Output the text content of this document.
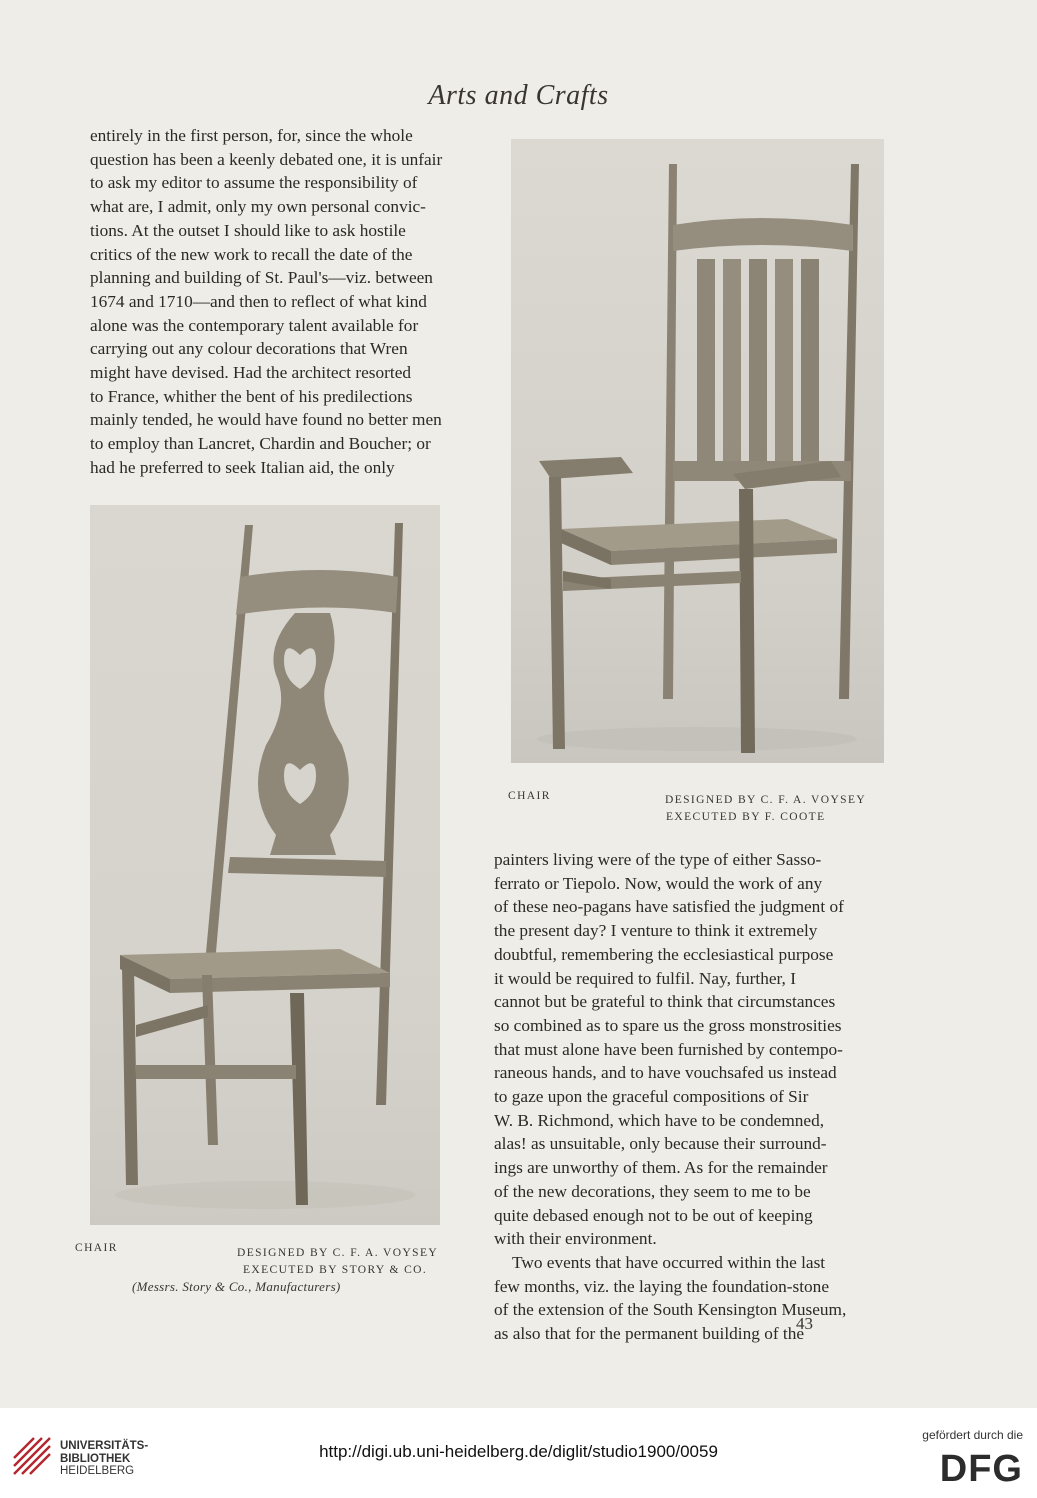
Arts and Crafts

entirely in the first person, for, since the whole

question has been a keenly debated one, it is unfair

to ask my editor to assume the responsibility of

what are, I admit, only my own personal convic-

tions. At the outset I should like to ask hostile

critics of the new work to recall the date of the

planning and building of St. Paul's—viz. between

1674 and 1710—and then to reflect of what kind

alone was the contemporary talent available for

carrying out any colour decorations that Wren

might have devised. Had the architect resorted

to France, whither the bent of his predilections

mainly tended, he would have found no better men

to employ than Lancret, Chardin and Boucher; or

had he preferred to seek Italian aid, the only

CHAIR	DESIGNED BY C. F. A. VOYSEY
EXECUTED BY F. COOTE
CHAIR	DESIGNED BY C. F. A. VOYSEY
EXECUTED BY STORY & CO.
(Messrs. Story & Co., Manufacturers)

painters living were of the type of either Sasso-

ferrato or Tiepolo. Now, would the work of any

of these neo-pagans have satisfied the judgment of

the present day? I venture to think it extremely

doubtful, remembering the ecclesiastical purpose

it would be required to fulfil. Nay, further, I

cannot but be grateful to think that circumstances

so combined as to spare us the gross monstrosities

that must alone have been furnished by contempo-

raneous hands, and to have vouchsafed us instead

to gaze upon the graceful compositions of Sir

W. B. Richmond, which have to be condemned,

alas! as unsuitable, only because their surround-

ings are unworthy of them. As for the remainder

of the new decorations, they seem to me to be

quite debased enough not to be out of keeping

with their environment.

Two events that have occurred within the last

few months, viz. the laying the foundation-stone

of the extension of the South Kensington Museum,

as also that for the permanent building of the

43
UNIVERSITÄTS-
BIBLIOTHEK
HEIDELBERG
http://digi.ub.uni-heidelberg.de/diglit/studio1900/0059
gefördert durch die
DFG
